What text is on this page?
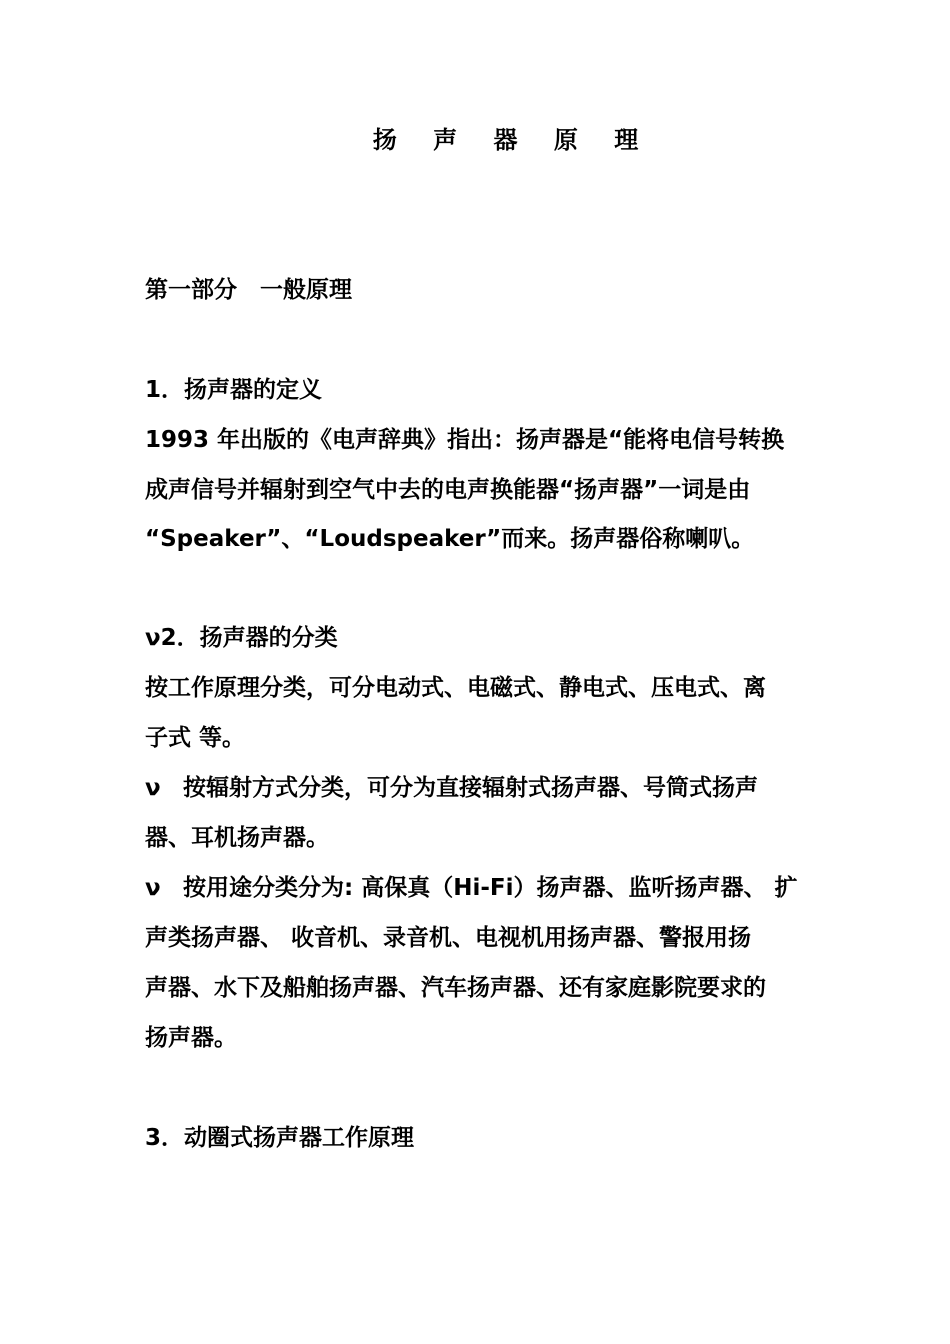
扬 声 器 原 理
第一部分　一般原理
1．扬声器的定义
1993 年出版的《电声辞典》指出：扬声器是“能将电信号转换
成声信号并辐射到空气中去的电声换能器“扬声器”一词是由
“Speaker”、“Loudspeaker”而来。扬声器俗称喇叭。
ν2．扬声器的分类
按工作原理分类，可分电动式、电磁式、静电式、压电式、离
子式 等。
ν 按辐射方式分类，可分为直接辐射式扬声器、号筒式扬声
器、耳机扬声器。
ν 按用途分类分为: 高保真（Hi-Fi）扬声器、监听扬声器、 扩
声类扬声器、 收音机、录音机、电视机用扬声器、警报用扬
声器、水下及船舶扬声器、汽车扬声器、还有家庭影院要求的
扬声器。
3．动圈式扬声器工作原理
